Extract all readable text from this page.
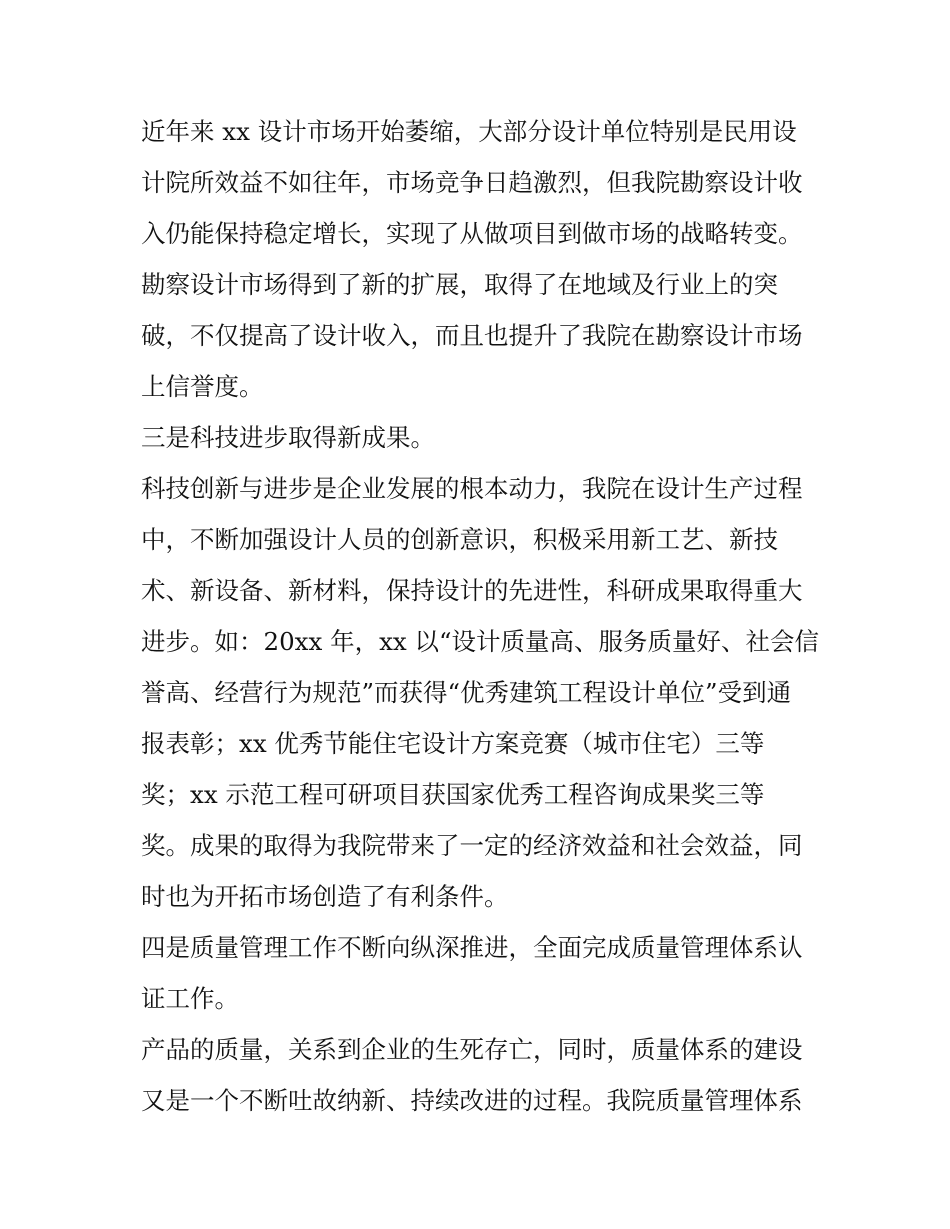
近年来 xx 设计市场开始萎缩，大部分设计单位特别是民用设
计院所效益不如往年，市场竞争日趋激烈，但我院勘察设计收
入仍能保持稳定增长，实现了从做项目到做市场的战略转变。
勘察设计市场得到了新的扩展，取得了在地域及行业上的突
破，不仅提高了设计收入，而且也提升了我院在勘察设计市场
上信誉度。
三是科技进步取得新成果。
科技创新与进步是企业发展的根本动力，我院在设计生产过程
中，不断加强设计人员的创新意识，积极采用新工艺、新技
术、新设备、新材料，保持设计的先进性，科研成果取得重大
进步。如：20xx 年，xx 以“设计质量高、服务质量好、社会信
誉高、经营行为规范”而获得“优秀建筑工程设计单位”受到通
报表彰；xx 优秀节能住宅设计方案竞赛（城市住宅）三等
奖；xx 示范工程可研项目获国家优秀工程咨询成果奖三等
奖。成果的取得为我院带来了一定的经济效益和社会效益，同
时也为开拓市场创造了有利条件。
四是质量管理工作不断向纵深推进，全面完成质量管理体系认
证工作。
产品的质量，关系到企业的生死存亡，同时，质量体系的建设
又是一个不断吐故纳新、持续改进的过程。我院质量管理体系
